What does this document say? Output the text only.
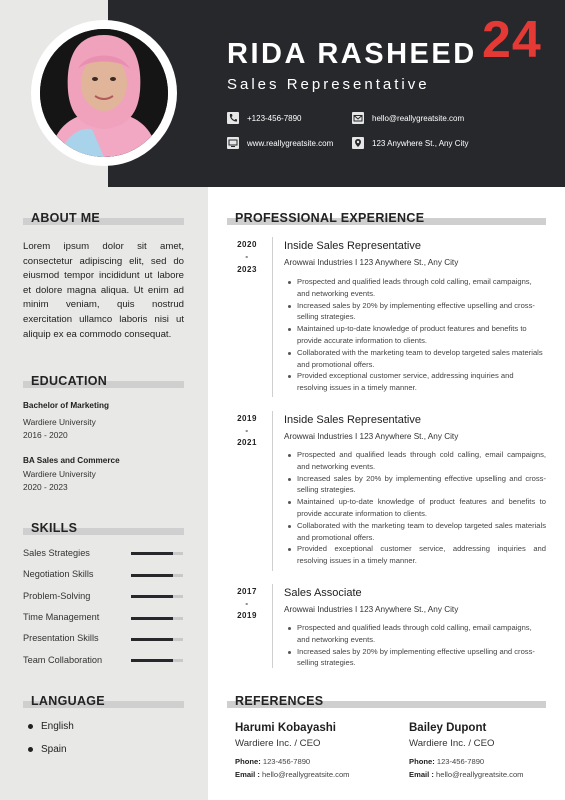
RIDA RASHEED 24
Sales Representative
+123-456-7890	hello@reallygreatsite.com
www.reallygreatsite.com	123 Anywhere St., Any City
ABOUT ME
Lorem ipsum dolor sit amet, consectetur adipiscing elit, sed do eiusmod tempor incididunt ut labore et dolore magna aliqua. Ut enim ad minim veniam, quis nostrud exercitation ullamco laboris nisi ut aliquip ex ea commodo consequat.
EDUCATION
Bachelor of Marketing
Wardiere University
2016 - 2020
BA Sales and Commerce
Wardiere University
2020 - 2023
SKILLS
Sales Strategies
Negotiation Skills
Problem-Solving
Time Management
Presentation Skills
Team Collaboration
LANGUAGE
English
Spain
PROFESSIONAL EXPERIENCE
2020
-
2023
Inside Sales Representative
Arowwai Industries I 123 Anywhere St., Any City
Prospected and qualified leads through cold calling, email campaigns, and networking events.
Increased sales by 20% by implementing effective upselling and cross-selling strategies.
Maintained up-to-date knowledge of product features and benefits to provide accurate information to clients.
Collaborated with the marketing team to develop targeted sales materials and promotional offers.
Provided exceptional customer service, addressing inquiries and resolving issues in a timely manner.
2019
-
2021
Inside Sales Representative
Arowwai Industries I 123 Anywhere St., Any City
Prospected and qualified leads through cold calling, email campaigns, and networking events.
Increased sales by 20% by implementing effective upselling and cross-selling strategies.
Maintained up-to-date knowledge of product features and benefits to provide accurate information to clients.
Collaborated with the marketing team to develop targeted sales materials and promotional offers.
Provided exceptional customer service, addressing inquiries and resolving issues in a timely manner.
2017
-
2019
Sales Associate
Arowwai Industries I 123 Anywhere St., Any City
Prospected and qualified leads through cold calling, email campaigns, and networking events.
Increased sales by 20% by implementing effective upselling and cross-selling strategies.
REFERENCES
Harumi Kobayashi
Wardiere Inc. / CEO
Phone: 123-456-7890
Email : hello@reallygreatsite.com
Bailey Dupont
Wardiere Inc. / CEO
Phone: 123-456-7890
Email : hello@reallygreatsite.com
